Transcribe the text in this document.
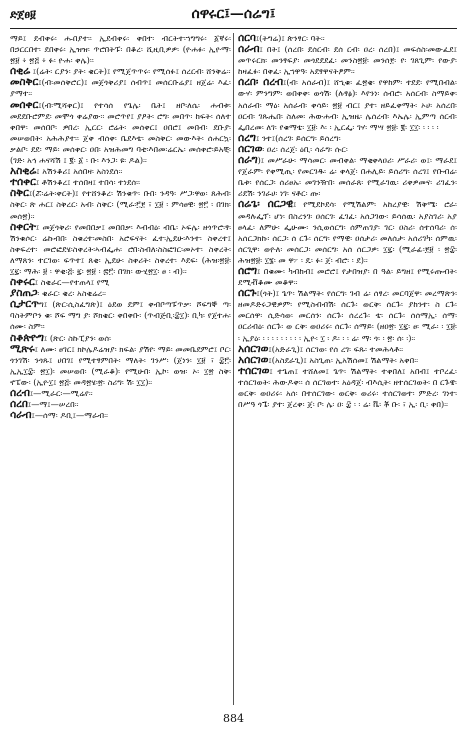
ድጀፀ፱	ሰዋሩር፤—ሰሬግ፤

ማይ፤ ደብቀሩ፡ ሑበያተ፡፡ ኢደብቀሩ፡ ቀበተ፡ ብርትተ፡ኀግግሩ፡ ፩ኛሩ፡ በኃርርበተ፡ ደበቀሩ፡ ኢዝዝ፡ ጥሮበትፑ፡ በቆረ፡ ሺዚቢዎዎ፡ (ዮሐፉ፡ ኢዮማ፡ ፳፱ ፥ ፳፭ ፥ ፉ፡ ዮሐ፡ ቀሌ)፡፡

ሰቂሬ ፤(ሬት፡ ርያን፡ ያት፡ ቄርት)፤ የሚጀጥጥሩ፡ የሚሰፉ፤ ሰረርብ፡ ሸንቅሬ።

መስቅር፤(ብ፡መሰቅሮር)፤ መጀጎቅሪያ፤ ሰብጥ፤ መሰርቡሬያ፤ ዘጀሬ፡ እፈ፡ ያማተ።

መሰቀር፤(ብ፡ሚሻቀር)፤ የተሳሰ የጌሌ፡ ቤት፤ ዘቦ፡ለሴ፡ ሐብቱ፡ መደደቡሮምደ፡ መሞጎ ቀሬያው፡፡ መሮጥየ፤ ያዖት፡ ሮግ፡ መበጥ፡ ከፍት፡ ሰለተ ቀበዋ፡ መሰበቦ፡ ዎበረ፡ ኢርር፡ ሮሬት፡ መሰቀር፤ ዐበሮ፤ መበብ፡ ደቡያ፡ መሠወበት፡ አሕሕያተ፡፡ ጀቀ ብሰቀ፡ ቤደእቴ፡ መስቅር፡ መውእት፡ ሰሐርኳ፡ ቃልቦ፡ ደደ፡ ማይ፡ መሰቀር፡ ዐበ፡ አዝሕመግ ባቲ፡እበመ፡ሬርኤ፡ መሰቀሮ፡ይአቺ፡ (ገድ፡ አኅ ሐናሻሽ ፤ ፪፡ ፩ ፡ ቡ፡ እንጋ፡ ዩ፡ ዶል)።

አስቂሬ፤ አሽንቆሪ፤ አሰበዛ፡ አስነደሰ።

ተሰቀር፤ ቶሽንቆረ፤ ተሰበዛ፤ ተበሳ፡ ተነደሰ፡፡

ስቅር፤(ሯ፡ሬት፡ቀርት)፤ የተሸንቆረ፡ ሽንቁጥ፡ ቡበ፡ ንዳዓ፡ ሥጋ፡ዋወ፡ ጸሕብ፡ስቅር፡ ጽ ሐር፤ ስቅረር፡ አብ፡ ስቅር፡ (ሚራ፡፫፻ ፣ ፲፱ ፡ ምሳፀዊ፡ ፳፫ ፡ በገክ፡ መሰ፳)።

ስቀርት፤ መጀጎቅሪ፡ የመበበቃ፤ መበበቃ፡ እብብዕ፡ ብቤ፡ ኦፍሌ፡ ዘጎጥሮ፡ፃ፡ ሽንቁሶር፡ ሬኩብበ፡ ስቁረተ፡መስበ፡ አሮፍናት፡ ፈተ፡ኢደሁ፡እንተ፡ ስቀረተ፤ ስቀፍረተ፡ መሮፎደሄ፡ስቀረት፡ኣብፌሐ፡ ሮበ፡ስብለ፡ስስፎገር፡መኦተ፡ ስቀረት፡ ለማጸን፡ ተርገወ፡ ፍጥተ፤ ጸቂ፡ ኢደሁ፡ ስቀሪት፡ ስቀረተ፡ እደፍ፡ (ሕዝ፡፳፱፡ ፲፯፡ ማሕ፡ ፱ ፡ ዋቂ፡፭፡ ፯፡ ፳፱ ፡ ፷፫፡ በገክ፡ ውሂ፳፲፡ ፀ ፡ ብ)።

ስቀሩር፤ ስቂራር—የተጠላ፤ የሚ

ያስጠጋ፡ ቄራር፡ ቄረ፡ አስቂሬረ።

ሲታርጥግ፤ (ጽር፡ሲስፈግጽ)፤ ዕደወ ደም፤ ቀብቦጣፑጥቃ፡ ሾፍግኞ ጣ፡ ባስትምቦን ቁ፡ ሾፍ ማግ ያ፡ ሾክቄር፡ ቀበቀቡ፡ (ጥብጅቢ፡፰፲)፡ ቢካ፡ የጀተሐ፡ ሰሙ፡ ስም፡፡

ስቆጵዮግ፤ (ጽር፡ ስኩፒያን፡ ወሰ፡

ሚጽሩ፤ ለሙ፡ ፀገር፤ ክኮሌዶሬዝያ፡ ክፍል፡ ያሽየ፡ ማይ፡ መመቤደምሮ፤ ቦር፡ ጎንገሽ፡ ንጎጹ፤ ሀበገ፤ የሚተፃምበት፡ ማለት፡ ገንሥ፡ (ጀነን፡ ፲፱ ፣ ፰፫፡ ኢኢ፲፰፡ ፳፲)፡ መሠወበ፡ (ሚራቆ)፡ የሚሁበ፡ ኢኮ፡ ወዝ፡ ኦ፡ ፲፳ ስቅ፡ ኖፔው፡ (ኢዮ፲፤ ፳፭፡ መዳ፳ሄ፡፳፡ ስሪግ፡ ሽ፡ ፲፲)።

ሰረብ፤—ሚራር፡—ሚሬየ።

ሰረበ፤—ማ፤—ሠረበ።

ሳራብ፤—ሰማ፡ ዶቢ፤—ማራብ።

ሰርባ፤(ትግሬ)፤ ጵንፃር፡ ባት።

ሰራብ፤ በት፤ (ሰረበ፡ ደሰርብ፡ ደሰ ርብ፡ ዐረ፡ ሰረበ)፤ መፍሰስ፡መውፈደ፤ መጥሩርክ፡ መንፃፍያ፡ መጎደደደፈ፡ መንስ፳፱፡ መንሰ፻፡ የ፡ ገጸጊም፡ የውያ፡ ከዛፈፉ፡ በቀፈ፡ ኢኀዋዓ፡ አደፃዋናትፆም።

ሰረበ፡ ሰረብ፤(ብ፡ አሰራብ)፤ ሸኂቁ፡ ፈ፳ቄ፡ የዋከም፡ ተደደ፡ የሚበብል፡ ውሃ፡ ምንግም፡ ወበቀቀ፡ ወጎሽ፡ (ሉፃፅ)፡ እየንነ፡ ሰብሮ፡ አሰርብ፡ ስማይቀ፡ አሰራብ፡ ማዕ፡ አሰራብ፡ ቀሳይ፡ ፳፱ ብር፤ ያተ፡ ዘይፈቀማት፡ ኦሀ፡ አሰረበ፡ ዐርብ፡ ገጹሔበ፡ ስለመ፡ ሕውሐብ፡ ኢዝዜ፡ ሌሰረብ፡ እኤሌ፡ ኢምጣ ሰርብ፡ ፌበረመ፡ ለገ፡ የቁማቴ፡ ፲፱፡ እ፡ ፡ ኢርፌ፡ ገሃ፡ ማሣ ፳፱፡ ፪፡ ፲፲፡ ፡ ፡ ፡ ፡

ሰረግ፤ ንተ፤(ሰረገ፡ ይሰርግ፡ ይሰረግ፡

ሰርገወ፡ ዐረ፡ ሰረጀ፡ ዕቢ፡ ሳራግ፡ ሱር፡

ሰራግ)፤ መሥራሁ፡ ማሳመር፡ መብቀል፡ ማቂቀላዐሪ፡ ሥራሪ፡ ወ፤፡ ማራደ፤ የጀራም፡ የቀሚጢ፡ የመርገዱ፡ ሬ፡ ቀላጀ፡ በሐሊይ፡ ይሰሪግ፡ ሰረገ፤ የቡብሬ፡ ቤቱ፡ የሰርጋ፡ ሰሪፀኡ፡ መገንዥበ፡ መሰራጸ፡ የሚራገዉ፡ ሪቀዎመና፡ ሪገፈን፡ ሪደሽ፡ ንገራሀ፡ ነገ፡ ናቶር፡ ጡ፡

ሰሬጌ፡ ሰርጋዊ፤ የሚደኮደሳ፡ የሚሽልም፡ አከረያዊ፡ ሽቅሜ፡ ሮራ፡ መዳሉፌፕ፡ ሆነ፡ በስረንገ፡ ዐሰርገ፡ ፈገፈ፡ አሰጋገው፡ ይሳሰዉ፡ አያስገሪ፡ አያ ፀላፈ፡ ለምሁ፡ ፌሁሙ፡ ንሲወሰርግ፡ ሰምጠገያ፡ ገር፡ ዐስሪ፡ ሰተሰባሪ፡ ሰ፡ አሰርጋክኩ፡ ሰርጋ፡ ሰ ርጉ፡ ሰርግ፡ የማዊ፡ ዐሰታሪ፡ መለሰታ፡ አሰሪገካ፡ ሰምዉ፡ ሰርጊዋ፡ ወዮለ፡ መሰርጋ፡ መሰርግ፡ አሰ ሰርጋዎ፡ ፲፯፡ (ሚራፊ፡፻፱ ፡ ፳፰፡ ሕዝ፳፱፡ ፲፮፡ መ ዋ፦ ፡ ዴ፡ ፉ፡ ጀ፡ ብሮ፡ ፡ ደ)።

ሰሮግ፤ በቁሙ፡ ካብከብ፤ መሮሮ፤ የታበዝያ፡ በ ዓል፡ ይግዘ፤ የሚሩጡብት፡ ደሚቭቆሙ መቆዋ።

ሰርጉ፤(ጎት)፤ ጌጥ፡ ሽልማት፡ የሰርግ፡ ገብ ሬ፡ ሰፃረ፡ መርባጀዋ፡ መረማጽን፡ ዘመዶድሩጋዊዎም፡ የሚስብብሽ፡ ሰርጉ፡ ወርቅ፡ ሰርጉ፡ ያከንተ፡ ስ ርጉ፡ መርሰዋ፡ ሲድሳወ፡ መርሰን፡ ሰርጉ፡ ሰረረጉ፡ ቴ፡ ሰርጉ፡ ሰሰማኢ፡ ሰማ፡ ዐርሪብዕ፡ ሰርጉ፡ ወ ርቅ፡ ወዐሪሩ፡ ሰርጉ፡ ሰማይ፡ (ዘዐ፳፡ ፲፯፡ ፀ፡ ሚራ፡ ፡ ፲፱፡ ፡ ኢያዕ፡ ፡ ፡ ፡ ፡ ፡ ፡ ፡ ፡ ፡ ኢዮ፡ ፲ ፡ ዶ፡ ፡ ፡ ሬ፡ ማ፡ ጎ፡ ፡ ፳፡ ሰ፡ ፡)።

አሰርገወ፤(አድራጊ)፤ ሰርገወ፡ የሰ ረገ፡ ፍጹ፡ ተመሕላቶ።

አሰርገወ፤(አስደራጊ)፤ አስጊጠ፡ ኢአሽሰመ፤ ሽልማት፡ አቀበ።

ተሰርገወ፤ ተጌጠ፤ ተሸለመ፤ ጌጥ፡ ሽልማት፡ ተቀበለ፤ አበብ፤ ተቦረፈ፡ ተሰርገወት፡ ሕውዶቀ፡፡ ሰ ሰርገወተ፡ አዕዳጀ፡ ብእሲት፡ ዘተሰርገወት፡ በ ርጉዌ፡ ወርቅ፡ ወዐሪሩ፡ አሰ፡ በተሰርገው፡ ወርቅ፡ ወሪሩ፡ ተሰርገወተ፡ ምድረ፡ ገነተ፡ በሥዓ ጎጜ፡ ያተ፡ ጀረቀ፡ ጀ፡ ቦ፡ ሌ፡ ዐ፡ ፰ ፡ ፡ ሬ፡ ቬ፡ ቾ ቡ፡ ፣ ኢ፡ ቢ፡ ቀበ)።

884
